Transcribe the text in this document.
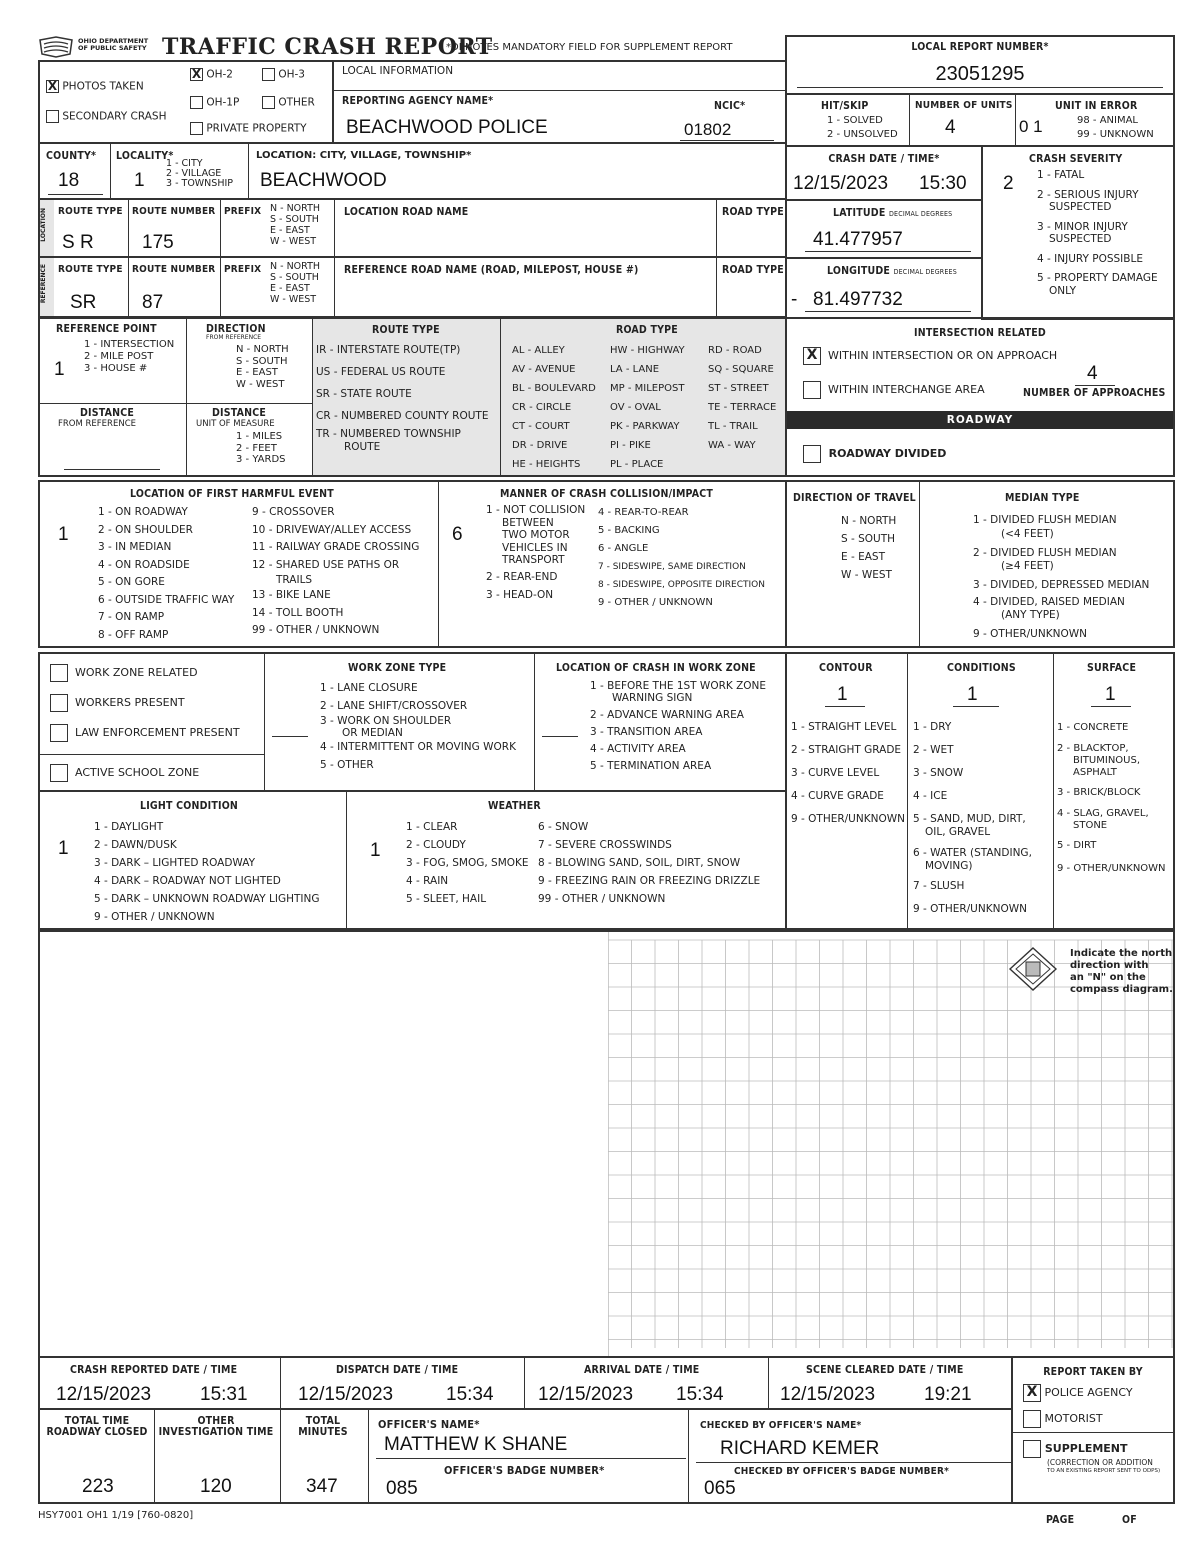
OHIO DEPARTMENT OF PUBLIC SAFETY TRAFFIC CRASH REPORT
*DENOTES MANDATORY FIELD FOR SUPPLEMENT REPORT	LOCAL REPORT NUMBER*
23051295
X PHOTOS TAKEN
SECONDARY CRASH
X OH-2	OH-3
OH-1P	OTHER
PRIVATE PROPERTY
LOCAL INFORMATION
REPORTING AGENCY NAME*
BEACHWOOD POLICE
NCIC*
01802
HIT/SKIP
1 - SOLVED
2 - UNSOLVED
NUMBER OF UNITS
4
UNIT IN ERROR
0 1	98 - ANIMAL
99 - UNKNOWN
COUNTY*
18
LOCALITY*
1
1 - CITY
2 - VILLAGE
3 - TOWNSHIP
LOCATION: CITY, VILLAGE, TOWNSHIP*
BEACHWOOD
CRASH DATE / TIME*
12/15/2023 15:30
CRASH SEVERITY
2 1 - FATAL
2 - SERIOUS INJURY
SUSPECTED
3 - MINOR INJURY
SUSPECTED
4 - INJURY POSSIBLE
5 - PROPERTY DAMAGE
ONLY
LOCATION	ROUTE TYPE
S R
ROUTE NUMBER
175
PREFIX N - NORTH
S - SOUTH
E - EAST
W - WEST
LOCATION ROAD NAME	ROAD TYPE	LATITUDE DECIMAL DEGREES
41.477957
REFERENCE	ROUTE TYPE
SR
ROUTE NUMBER
87
PREFIX N - NORTH
S - SOUTH
E - EAST
W - WEST
REFERENCE ROAD NAME (ROAD, MILEPOST, HOUSE #)	ROAD TYPE	LONGITUDE DECIMAL DEGREES
- 81.497732
REFERENCE POINT
1
1 - INTERSECTION
2 - MILE POST
3 - HOUSE #
DIRECTION
FROM REFERENCE
N - NORTH
S - SOUTH
E - EAST
W - WEST
DISTANCE
FROM REFERENCE
DISTANCE
UNIT OF MEASURE
1 - MILES
2 - FEET
3 - YARDS
ROUTE TYPE
IR - INTERSTATE ROUTE(TP)
US - FEDERAL US ROUTE
SR - STATE ROUTE
CR - NUMBERED COUNTY ROUTE
TR - NUMBERED TOWNSHIP
ROUTE
ROAD TYPE
AL - ALLEY
AV - AVENUE
BL - BOULEVARD
CR - CIRCLE
CT - COURT
DR - DRIVE
HE - HEIGHTS
HW - HIGHWAY
LA - LANE
MP - MILEPOST
OV - OVAL
PK - PARKWAY
PI - PIKE
PL - PLACE
RD - ROAD
SQ - SQUARE
ST - STREET
TE - TERRACE
TL - TRAIL
WA - WAY
INTERSECTION RELATED
X WITHIN INTERSECTION OR ON APPROACH
4
WITHIN INTERCHANGE AREA	NUMBER OF APPROACHES
ROADWAY
ROADWAY DIVIDED
LOCATION OF FIRST HARMFUL EVENT
1
1 - ON ROADWAY
2 - ON SHOULDER
3 - IN MEDIAN
4 - ON ROADSIDE
5 - ON GORE
6 - OUTSIDE TRAFFIC WAY
7 - ON RAMP
8 - OFF RAMP
9 - CROSSOVER
10 - DRIVEWAY/ALLEY ACCESS
11 - RAILWAY GRADE CROSSING
12 - SHARED USE PATHS OR
TRAILS
13 - BIKE LANE
14 - TOLL BOOTH
99 - OTHER / UNKNOWN
MANNER OF CRASH COLLISION/IMPACT
6
1 - NOT COLLISION
BETWEEN
TWO MOTOR
VEHICLES IN
TRANSPORT
2 - REAR-END
3 - HEAD-ON
4 - REAR-TO-REAR
5 - BACKING
6 - ANGLE
7 - SIDESWIPE, SAME DIRECTION
8 - SIDESWIPE, OPPOSITE DIRECTION
9 - OTHER / UNKNOWN
DIRECTION OF TRAVEL
N - NORTH
S - SOUTH
E - EAST
W - WEST
MEDIAN TYPE
1 - DIVIDED FLUSH MEDIAN
(<4 FEET)
2 - DIVIDED FLUSH MEDIAN
(≥4 FEET)
3 - DIVIDED, DEPRESSED MEDIAN
4 - DIVIDED, RAISED MEDIAN
(ANY TYPE)
9 - OTHER/UNKNOWN
WORK ZONE RELATED
WORKERS PRESENT
LAW ENFORCEMENT PRESENT
ACTIVE SCHOOL ZONE
WORK ZONE TYPE
1 - LANE CLOSURE
2 - LANE SHIFT/CROSSOVER
3 - WORK ON SHOULDER
OR MEDIAN
4 - INTERMITTENT OR MOVING WORK
5 - OTHER
LOCATION OF CRASH IN WORK ZONE
1 - BEFORE THE 1ST WORK ZONE
WARNING SIGN
2 - ADVANCE WARNING AREA
3 - TRANSITION AREA
4 - ACTIVITY AREA
5 - TERMINATION AREA
CONTOUR
1
1 - STRAIGHT LEVEL
2 - STRAIGHT GRADE
3 - CURVE LEVEL
4 - CURVE GRADE
9 - OTHER/UNKNOWN
CONDITIONS
1
1 - DRY
2 - WET
3 - SNOW
4 - ICE
5 - SAND, MUD, DIRT,
OIL, GRAVEL
6 - WATER (STANDING,
MOVING)
7 - SLUSH
9 - OTHER/UNKNOWN
SURFACE
1
1 - CONCRETE
2 - BLACKTOP,
BITUMINOUS,
ASPHALT
3 - BRICK/BLOCK
4 - SLAG, GRAVEL,
STONE
5 - DIRT
9 - OTHER/UNKNOWN
LIGHT CONDITION
1
1 - DAYLIGHT
2 - DAWN/DUSK
3 - DARK – LIGHTED ROADWAY
4 - DARK – ROADWAY NOT LIGHTED
5 - DARK – UNKNOWN ROADWAY LIGHTING
9 - OTHER / UNKNOWN
WEATHER
1
1 - CLEAR
2 - CLOUDY
3 - FOG, SMOG, SMOKE
4 - RAIN
5 - SLEET, HAIL
6 - SNOW
7 - SEVERE CROSSWINDS
8 - BLOWING SAND, SOIL, DIRT, SNOW
9 - FREEZING RAIN OR FREEZING DRIZZLE
99 - OTHER / UNKNOWN
Indicate the north
direction with
an "N" on the
compass diagram.
CRASH REPORTED DATE / TIME
12/15/2023	15:31
DISPATCH DATE / TIME
12/15/2023	15:34
ARRIVAL DATE / TIME
12/15/2023 15:34
SCENE CLEARED DATE / TIME
12/15/2023	19:21
REPORT TAKEN BY
X POLICE AGENCY
MOTORIST
SUPPLEMENT
(CORRECTION OR ADDITION
TO AN EXISTING REPORT SENT TO ODPS)
TOTAL TIME ROADWAY CLOSED
223
OTHER INVESTIGATION TIME
120
TOTAL MINUTES
347
OFFICER'S NAME*
MATTHEW K SHANE
OFFICER'S BADGE NUMBER*
085
CHECKED BY OFFICER'S NAME*
RICHARD KEMER
CHECKED BY OFFICER'S BADGE NUMBER*
065
HSY7001 OH1 1/19 [760-0820]	PAGE	OF
